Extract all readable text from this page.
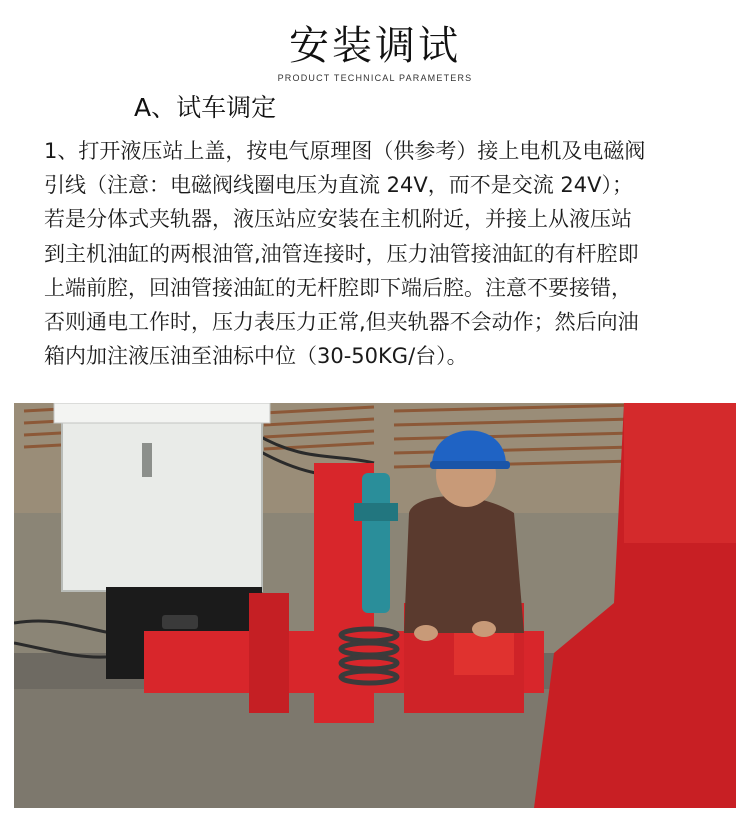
安装调试
PRODUCT TECHNICAL PARAMETERS
A、试车调定
1、打开液压站上盖，按电气原理图（供参考）接上电机及电磁阀
引线（注意：电磁阀线圈电压为直流 24V，而不是交流 24V）；
若是分体式夹轨器，液压站应安装在主机附近，并接上从液压站
到主机油缸的两根油管,油管连接时，压力油管接油缸的有杆腔即
上端前腔，回油管接油缸的无杆腔即下端后腔。注意不要接错，
否则通电工作时，压力表压力正常,但夹轨器不会动作；然后向油
箱内加注液压油至油标中位（30-50KG/台）。
